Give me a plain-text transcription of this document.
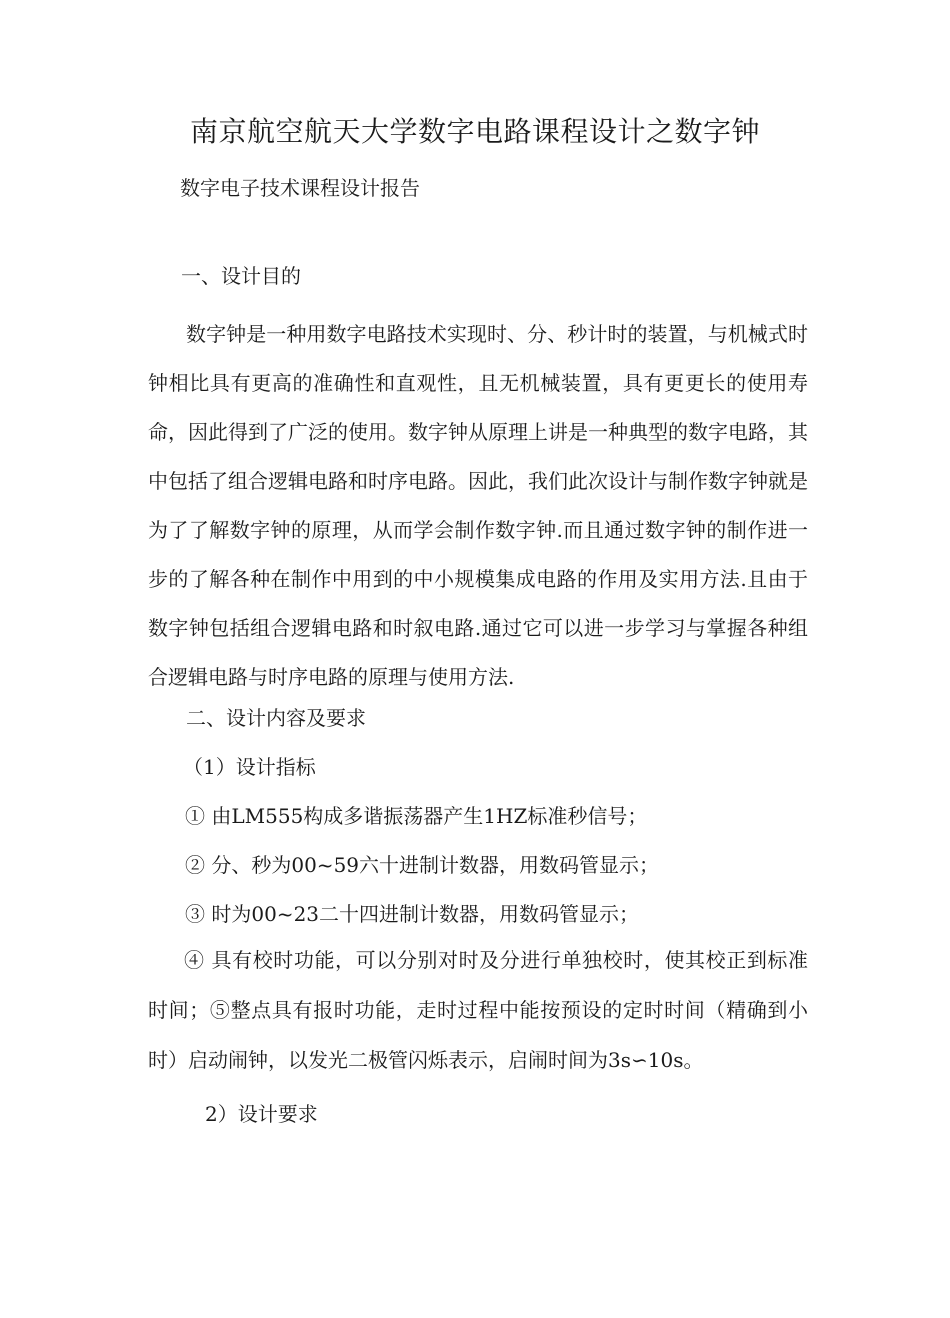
南京航空航天大学数字电路课程设计之数字钟
数字电子技术课程设计报告
一、设计目的
数字钟是一种用数字电路技术实现时、分、秒计时的装置，与机械式时钟相比具有更高的准确性和直观性，且无机械装置，具有更更长的使用寿命，因此得到了广泛的使用。数字钟从原理上讲是一种典型的数字电路，其中包括了组合逻辑电路和时序电路。因此，我们此次设计与制作数字钟就是为了了解数字钟的原理，从而学会制作数字钟.而且通过数字钟的制作进一步的了解各种在制作中用到的中小规模集成电路的作用及实用方法.且由于数字钟包括组合逻辑电路和时叙电路.通过它可以进一步学习与掌握各种组合逻辑电路与时序电路的原理与使用方法.
二、设计内容及要求
（1）设计指标
① 由LM555构成多谐振荡器产生1HZ标准秒信号；
② 分、秒为00~59六十进制计数器，用数码管显示；
③ 时为00~23二十四进制计数器，用数码管显示；
④ 具有校时功能，可以分别对时及分进行单独校时，使其校正到标准时间；⑤整点具有报时功能，走时过程中能按预设的定时时间（精确到小时）启动闹钟，以发光二极管闪烁表示，启闹时间为3s∽10s。
2）设计要求
